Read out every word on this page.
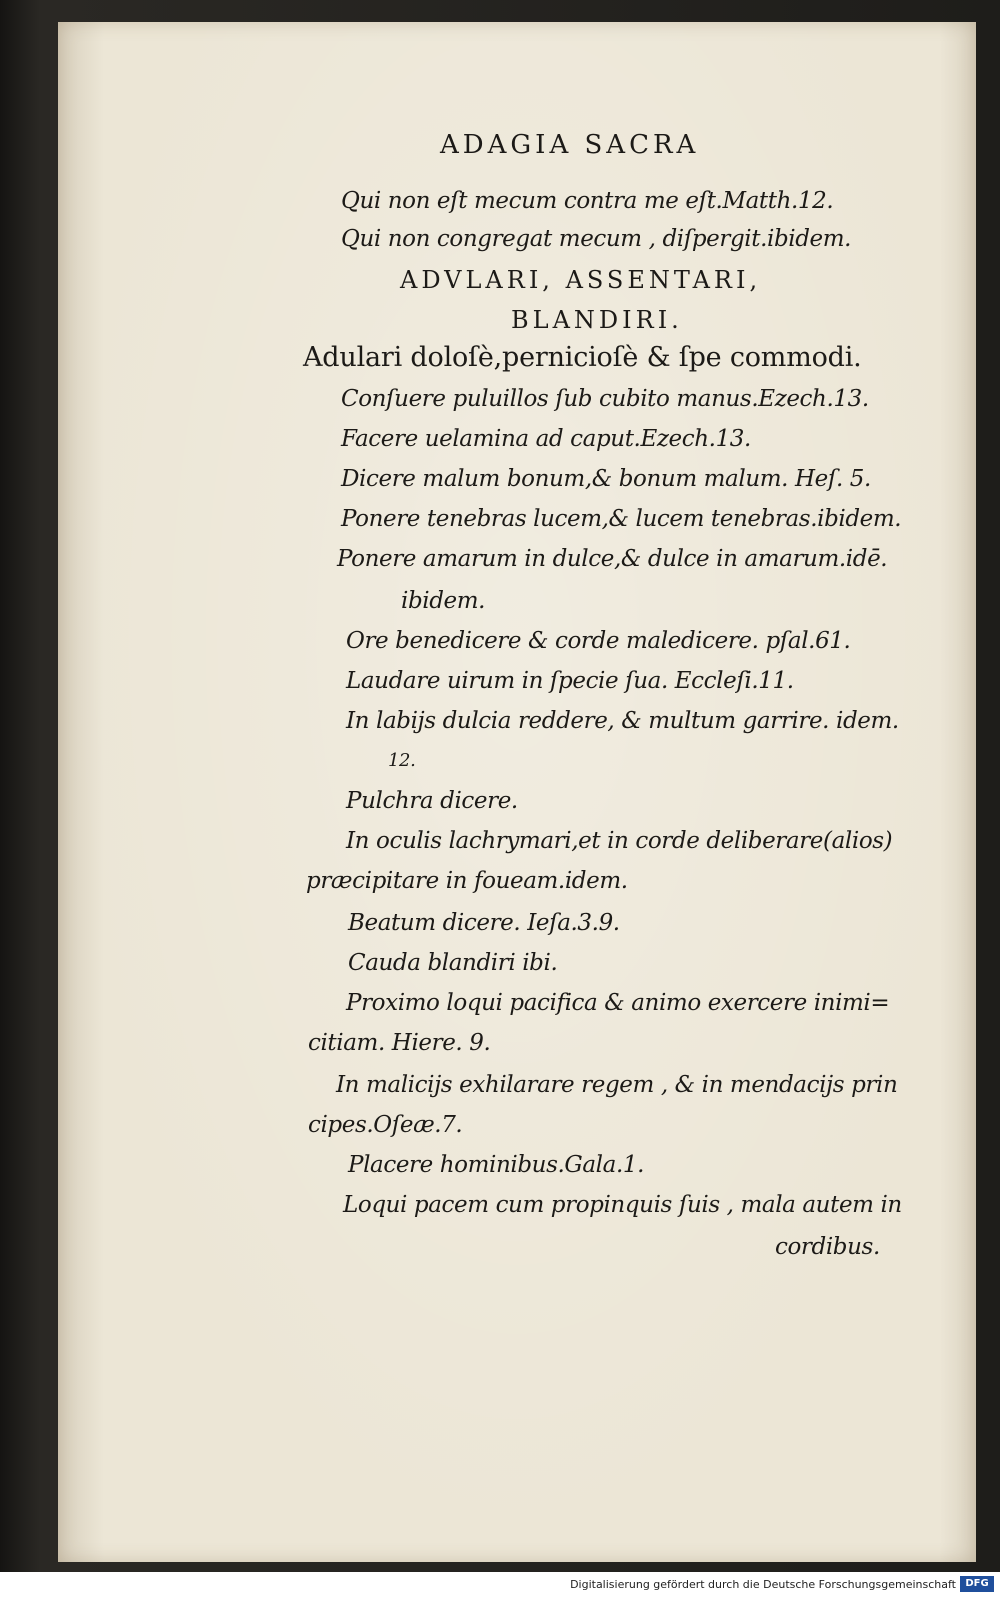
ADAGIA SACRA
Qui non eſt mecum contra me eſt.Matth.12.
Qui non congregat mecum , diſpergit.ibidem.
ADVLARI, ASSENTARI,
BLANDIRI.
Adulari doloſè,pernicioſè & ſpe commodi.
Conſuere puluillos ſub cubito manus.Ezech.13.
Facere uelamina ad caput.Ezech.13.
Dicere malum bonum,& bonum malum. Heſ. 5.
Ponere tenebras lucem,& lucem tenebras.ibidem.
Ponere amarum in dulce,& dulce in amarum.idē.
ibidem.
Ore benedicere & corde maledicere. pſal.61.
Laudare uirum in ſpecie ſua. Eccleſi.11.
In labijs dulcia reddere, & multum garrire. idem.
12.
Pulchra dicere.
In oculis lachrymari,et in corde deliberare(alios)
præcipitare in foueam.idem.
Beatum dicere. Ieſa.3.9.
Cauda blandiri ibi.
Proximo loqui pacifica & animo exercere inimi=
citiam. Hiere. 9.
In malicijs exhilarare regem , & in mendacijs prin
cipes.Oſeæ.7.
Placere hominibus.Gala.1.
Loqui pacem cum propinquis ſuis , mala autem in
cordibus.
Digitalisierung gefördert durch die Deutsche Forschungsgemeinschaft DFG
